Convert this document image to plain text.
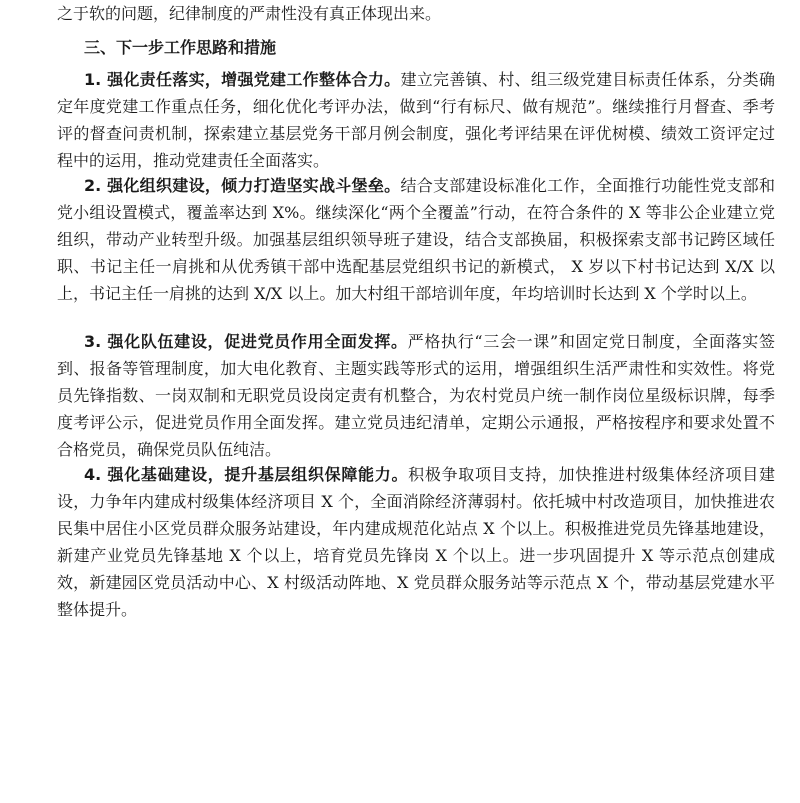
之于软的问题，纪律制度的严肃性没有真正体现出来。
三、下一步工作思路和措施

1. 强化责任落实，增强党建工作整体合力。建立完善镇、村、组三级党建目标责任体系，分类确定年度党建工作重点任务，细化优化考评办法，做到“行有标尺、做有规范”。继续推行月督查、季考评的督查问责机制，探索建立基层党务干部月例会制度，强化考评结果在评优树模、绩效工资评定过程中的运用，推动党建责任全面落实。

2. 强化组织建设，倾力打造坚实战斗堡垒。结合支部建设标准化工作，全面推行功能性党支部和党小组设置模式，覆盖率达到 X%。继续深化“两个全覆盖”行动，在符合条件的 X 等非公企业建立党组织，带动产业转型升级。加强基层组织领导班子建设，结合支部换届，积极探索支部书记跨区域任职、书记主任一肩挑和从优秀镇干部中选配基层党组织书记的新模式， X 岁以下村书记达到 X/X 以上，书记主任一肩挑的达到 X/X 以上。加大村组干部培训年度，年均培训时长达到 X 个学时以上。

3. 强化队伍建设，促进党员作用全面发挥。严格执行“三会一课”和固定党日制度，全面落实签到、报备等管理制度，加大电化教育、主题实践等形式的运用，增强组织生活严肃性和实效性。将党员先锋指数、一岗双制和无职党员设岗定责有机整合，为农村党员户统一制作岗位星级标识牌，每季度考评公示，促进党员作用全面发挥。建立党员违纪清单，定期公示通报，严格按程序和要求处置不合格党员，确保党员队伍纯洁。

4. 强化基础建设，提升基层组织保障能力。积极争取项目支持，加快推进村级集体经济项目建设，力争年内建成村级集体经济项目 X 个，全面消除经济薄弱村。依托城中村改造项目，加快推进农民集中居住小区党员群众服务站建设，年内建成规范化站点 X 个以上。积极推进党员先锋基地建设，新建产业党员先锋基地 X 个以上，培育党员先锋岗 X 个以上。进一步巩固提升 X 等示范点创建成效，新建园区党员活动中心、X 村级活动阵地、X 党员群众服务站等示范点 X 个，带动基层党建水平整体提升。
